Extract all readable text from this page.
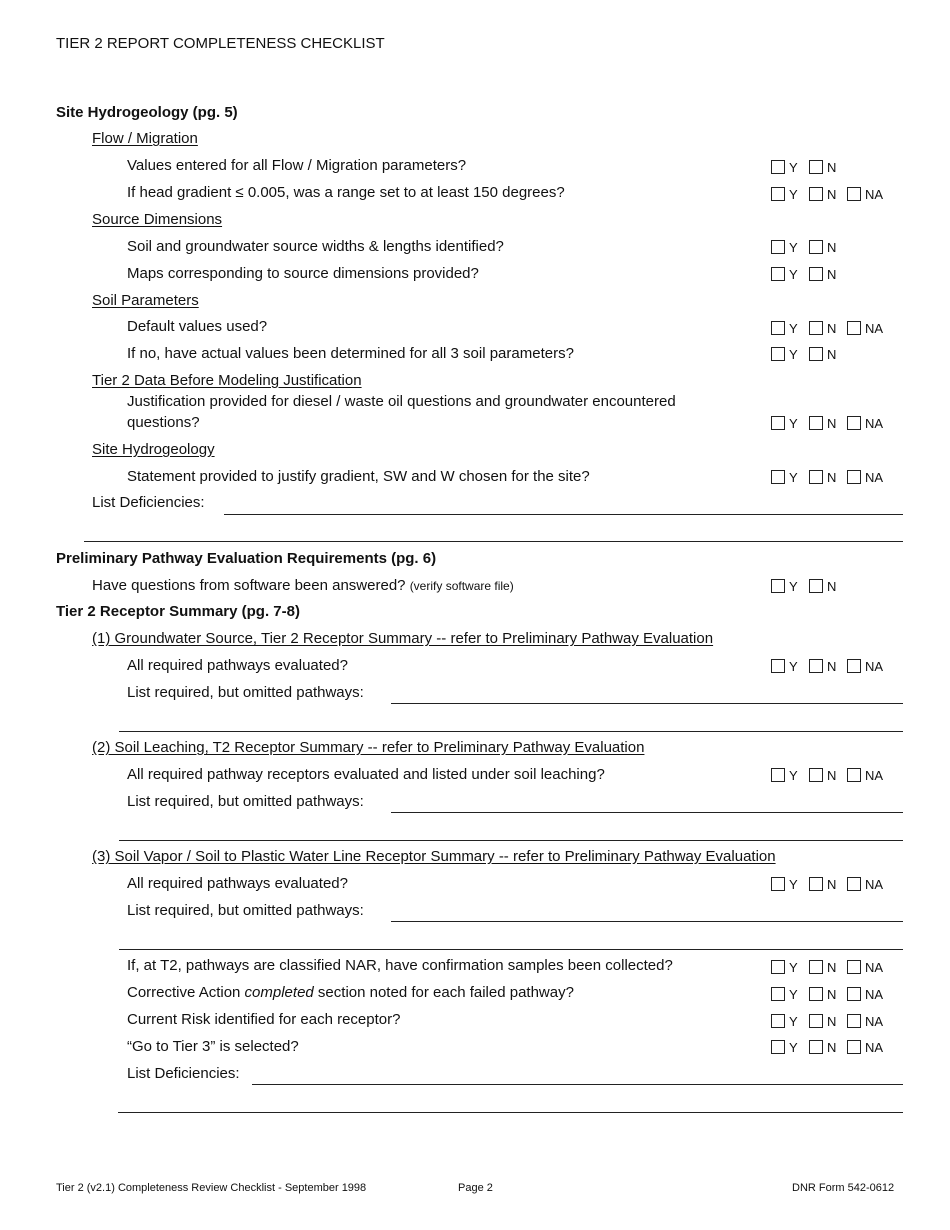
TIER 2 REPORT COMPLETENESS CHECKLIST
Site Hydrogeology (pg. 5)
Flow / Migration
Values entered for all Flow / Migration parameters?	Y N
If head gradient ≤ 0.005, was a range set to at least 150 degrees?	Y N NA
Source Dimensions
Soil and groundwater source widths & lengths identified?	Y N
Maps corresponding to source dimensions provided?	Y N
Soil Parameters
Default values used?	Y N NA
If no, have actual values been determined for all 3 soil parameters?	Y N
Tier 2 Data Before Modeling Justification
Justification provided for diesel / waste oil questions and groundwater encountered
questions?	Y N NA
Site Hydrogeology
Statement provided to justify gradient, SW and W chosen for the site?	Y N NA
List Deficiencies:
Preliminary Pathway Evaluation Requirements (pg. 6)
Have questions from software been answered? (verify software file)	Y N
Tier 2 Receptor Summary (pg. 7-8)
(1) Groundwater Source, Tier 2 Receptor Summary -- refer to Preliminary Pathway Evaluation
All required pathways evaluated?	Y N NA
List required, but omitted pathways:
(2) Soil Leaching, T2 Receptor Summary -- refer to Preliminary Pathway Evaluation
All required pathway receptors evaluated and listed under soil leaching?	Y N NA
List required, but omitted pathways:
(3) Soil Vapor / Soil to Plastic Water Line Receptor Summary -- refer to Preliminary Pathway Evaluation
All required pathways evaluated?	Y N NA
List required, but omitted pathways:
If, at T2, pathways are classified NAR, have confirmation samples been collected?	Y N NA
Corrective Action completed section noted for each failed pathway?	Y N NA
Current Risk identified for each receptor?	Y N NA
“Go to Tier 3” is selected?	Y N NA
List Deficiencies:
Tier 2 (v2.1) Completeness Review Checklist - September 1998	Page 2	DNR Form 542-0612
